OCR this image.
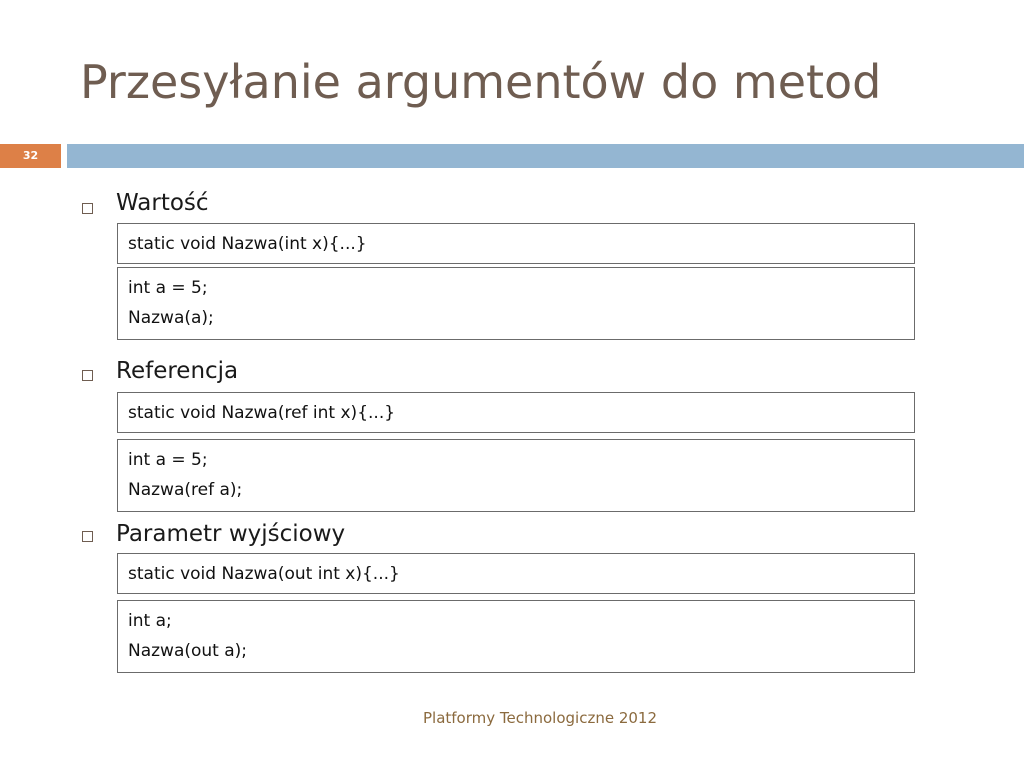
Przesyłanie argumentów do metod
32

Wartość

static void Nazwa(int x){...}
int a = 5;
Nazwa(a);

Referencja

static void Nazwa(ref int x){...}
int a = 5;
Nazwa(ref a);

Parametr wyjściowy

static void Nazwa(out int x){...}
int a;
Nazwa(out a);
Platformy Technologiczne 2012
